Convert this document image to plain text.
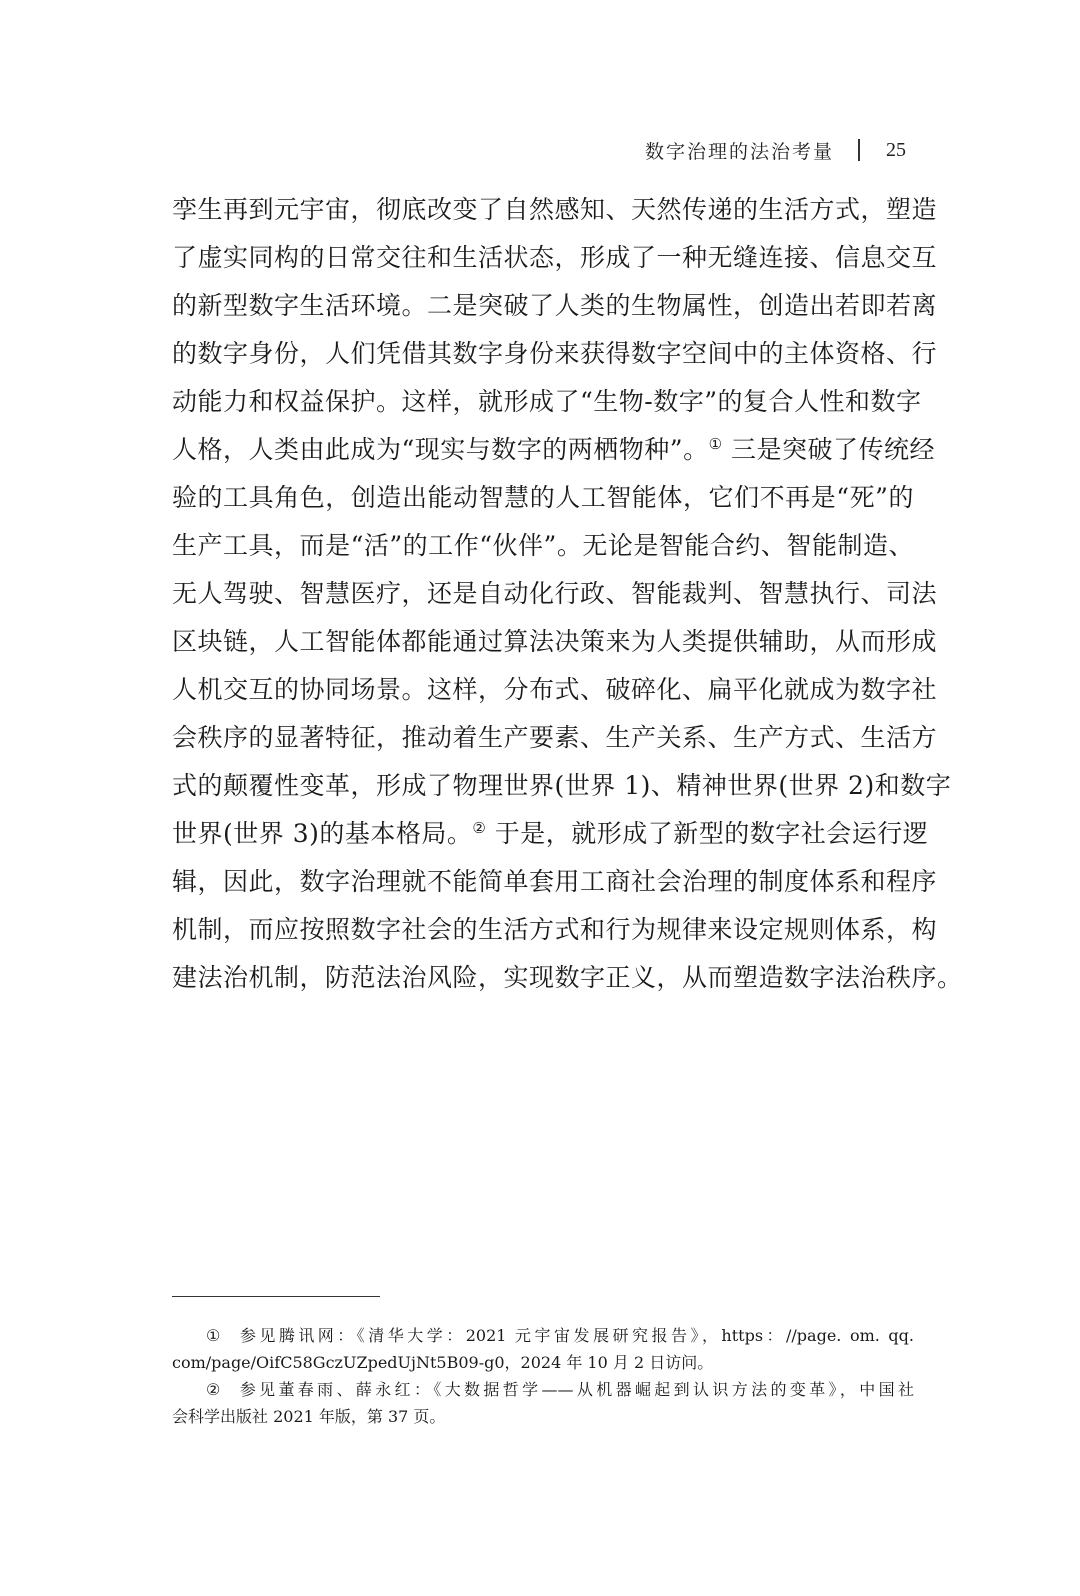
数字治理的法治考量	25
孪生再到元宇宙，彻底改变了自然感知、天然传递的生活方式，塑造
了虚实同构的日常交往和生活状态，形成了一种无缝连接、信息交互
的新型数字生活环境。二是突破了人类的生物属性，创造出若即若离
的数字身份，人们凭借其数字身份来获得数字空间中的主体资格、行
动能力和权益保护。这样，就形成了“生物-数字”的复合人性和数字
人格，人类由此成为“现实与数字的两栖物种”。① 三是突破了传统经
验的工具角色，创造出能动智慧的人工智能体，它们不再是“死”的
生产工具，而是“活”的工作“伙伴”。无论是智能合约、智能制造、
无人驾驶、智慧医疗，还是自动化行政、智能裁判、智慧执行、司法
区块链，人工智能体都能通过算法决策来为人类提供辅助，从而形成
人机交互的协同场景。这样，分布式、破碎化、扁平化就成为数字社
会秩序的显著特征，推动着生产要素、生产关系、生产方式、生活方
式的颠覆性变革，形成了物理世界(世界 1)、精神世界(世界 2)和数字
世界(世界 3)的基本格局。② 于是，就形成了新型的数字社会运行逻
辑，因此，数字治理就不能简单套用工商社会治理的制度体系和程序
机制，而应按照数字社会的生活方式和行为规律来设定规则体系，构
建法治机制，防范法治风险，实现数字正义，从而塑造数字法治秩序。
① 参见腾讯网：《清华大学：2021 元宇宙发展研究报告》，https：//page. om. qq.
com/page/OifC58GczUZpedUjNt5B09-g0，2024 年 10 月 2 日访问。
② 参见董春雨、薛永红：《大数据哲学——从机器崛起到认识方法的变革》，中国社
会科学出版社 2021 年版，第 37 页。
